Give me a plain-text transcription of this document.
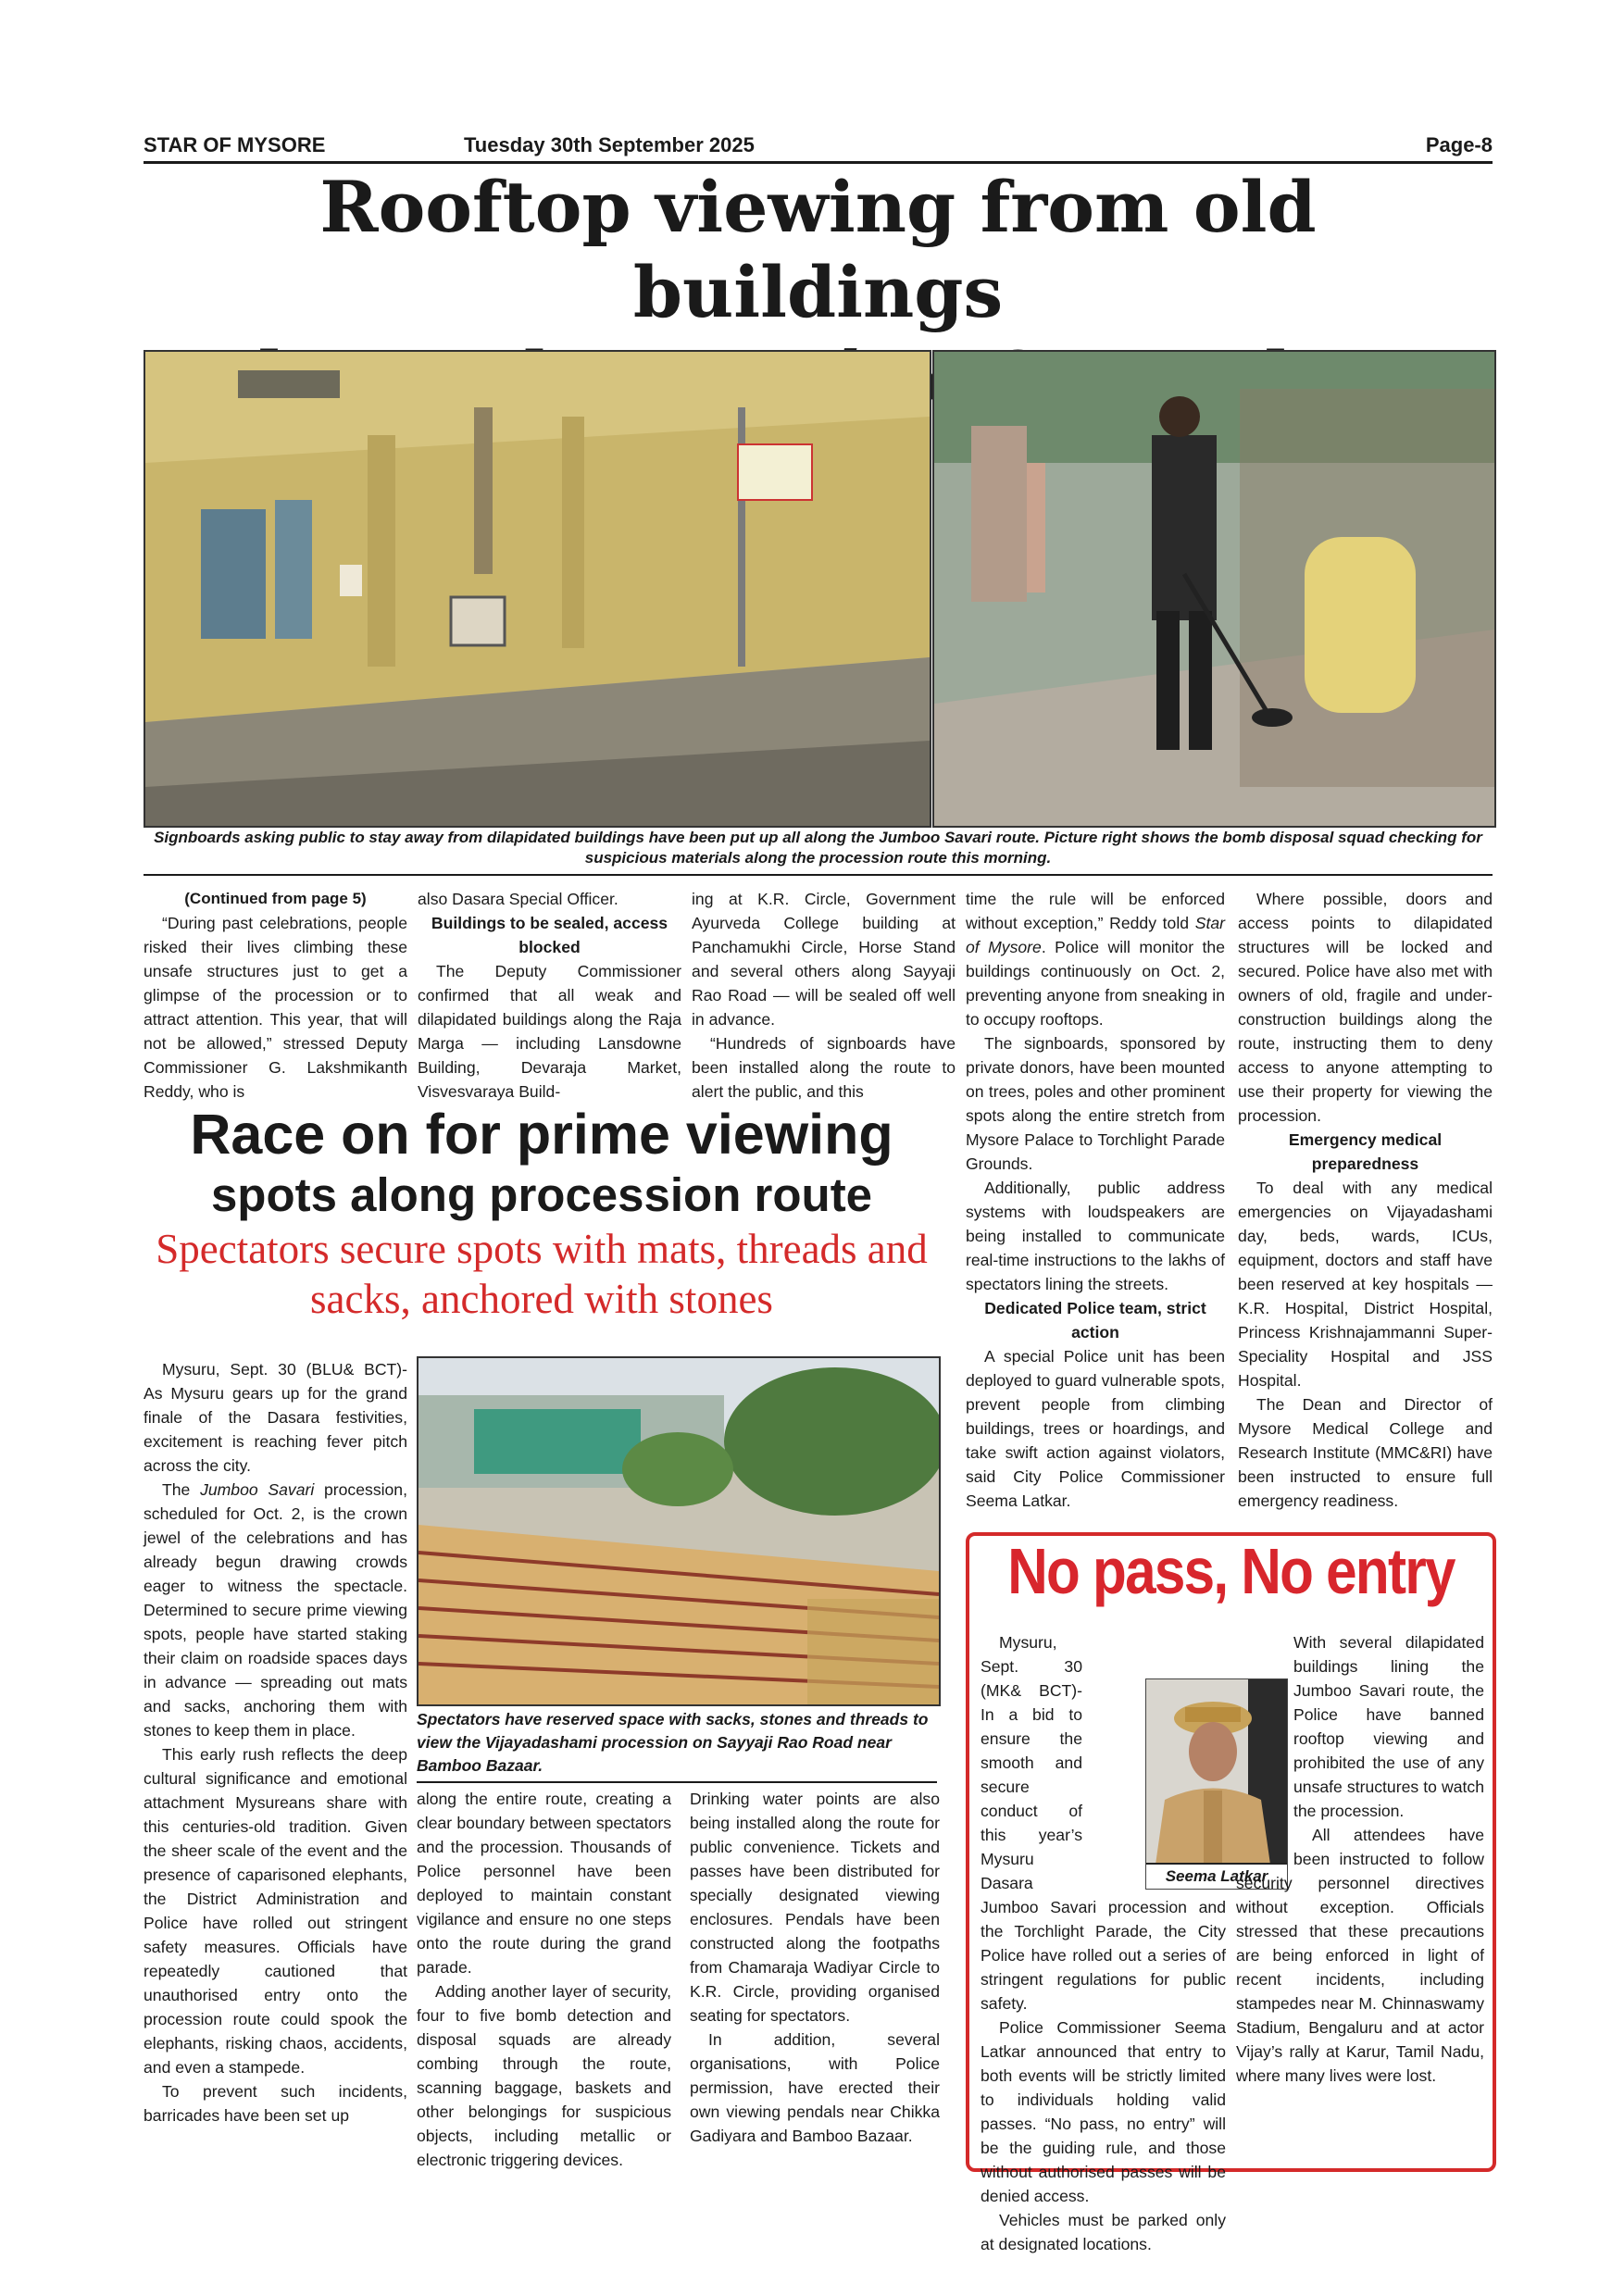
STAR OF MYSORE	Tuesday 30th September 2025	Page-8
Rooftop viewing from old buildings
Signboards asking public to stay away from dilapidated buildings have been put up all along the Jumboo Savari route. Picture right shows the bomb disposal squad checking for suspicious materials along the procession route this morning.

(Continued from page 5)

“During past celebrations, people risked their lives climbing these unsafe structures just to get a glimpse of the procession or to attract attention. This year, that will not be allowed,” stressed Deputy Commissioner G. Lakshmikanth Reddy, who is

also Dasara Special Officer.

Buildings to be sealed, access blocked

The Deputy Commissioner confirmed that all weak and dilapidated buildings along the Raja Marga — including Lansdowne Building, Devaraja Market, Visvesvaraya Build-

ing at K.R. Circle, Government Ayurveda College building at Panchamukhi Circle, Horse Stand and several others along Sayyaji Rao Road — will be sealed off well in advance.

“Hundreds of signboards have been installed along the route to alert the public, and this

time the rule will be enforced without exception,” Reddy told Star of Mysore. Police will monitor the buildings continuously on Oct. 2, preventing anyone from sneaking in to occupy rooftops.

The signboards, sponsored by private donors, have been mounted on trees, poles and other prominent spots along the entire stretch from Mysore Palace to Torchlight Parade Grounds.

Additionally, public address systems with loudspeakers are being installed to communicate real-time instructions to the lakhs of spectators lining the streets.

Dedicated Police team, strict action

A special Police unit has been deployed to guard vulnerable spots, prevent people from climbing buildings, trees or hoardings, and take swift action against violators, said City Police Commissioner Seema Latkar.

Where possible, doors and access points to dilapidated structures will be locked and secured. Police have also met with owners of old, fragile and under-construction buildings along the route, instructing them to deny access to anyone attempting to use their property for viewing the procession.

Emergency medical preparedness

To deal with any medical emergencies on Vijayadashami day, beds, wards, ICUs, equipment, doctors and staff have been reserved at key hospitals — K.R. Hospital, District Hospital, Princess Krishnajammanni Super-Speciality Hospital and JSS Hospital.

The Dean and Director of Mysore Medical College and Research Institute (MMC&RI) have been instructed to ensure full emergency readiness.

Race on for prime viewing
spots along procession route
Spectators secure spots with mats, threads and sacks, anchored with stones
Spectators have reserved space with sacks, stones and threads to view the Vijayadashami procession on Sayyaji Rao Road near Bamboo Bazaar.

Mysuru, Sept. 30 (BLU& BCT)- As Mysuru gears up for the grand finale of the Dasara festivities, excitement is reaching fever pitch across the city.

The Jumboo Savari procession, scheduled for Oct. 2, is the crown jewel of the celebrations and has already begun drawing crowds eager to witness the spectacle. Determined to secure prime viewing spots, people have started staking their claim on roadside spaces days in advance — spreading out mats and sacks, anchoring them with stones to keep them in place.

This early rush reflects the deep cultural significance and emotional attachment Mysureans share with this centuries-old tradition. Given the sheer scale of the event and the presence of caparisoned elephants, the District Administration and Police have rolled out stringent safety measures. Officials have repeatedly cautioned that unauthorised entry onto the procession route could spook the elephants, risking chaos, accidents, and even a stampede.

To prevent such incidents, barricades have been set up

along the entire route, creating a clear boundary between spectators and the procession. Thousands of Police personnel have been deployed to maintain constant vigilance and ensure no one steps onto the route during the grand parade.

Adding another layer of security, four to five bomb detection and disposal squads are already combing through the route, scanning baggage, baskets and other belongings for suspicious objects, including metallic or electronic triggering devices.

Drinking water points are also being installed along the route for public convenience. Tickets and passes have been distributed for specially designated viewing enclosures. Pendals have been constructed along the footpaths from Chamaraja Wadiyar Circle to K.R. Circle, providing organised seating for spectators.

In addition, several organisations, with Police permission, have erected their own viewing pendals near Chikka Gadiyara and Bamboo Bazaar.

No pass, No entry

Mysuru, Sept. 30 (MK& BCT)- In a bid to ensure the smooth and secure conduct of this year’s Mysuru Dasara Jumboo Savari procession and the Torchlight Parade, the City Police have rolled out a series of stringent regulations for public safety.

Police Commissioner Seema Latkar announced that entry to both events will be strictly limited to individuals holding valid passes. “No pass, no entry” will be the guiding rule, and those without authorised passes will be denied access.

Vehicles must be parked only at designated locations.

Seema Latkar

With several dilapidated buildings lining the Jumboo Savari route, the Police have banned rooftop viewing and prohibited the use of any unsafe structures to watch the procession.

All attendees have been instructed to follow security personnel directives without exception. Officials stressed that these precautions are being enforced in light of recent incidents, including stampedes near M. Chinnaswamy Stadium, Bengaluru and at actor Vijay’s rally at Karur, Tamil Nadu, where many lives were lost.
